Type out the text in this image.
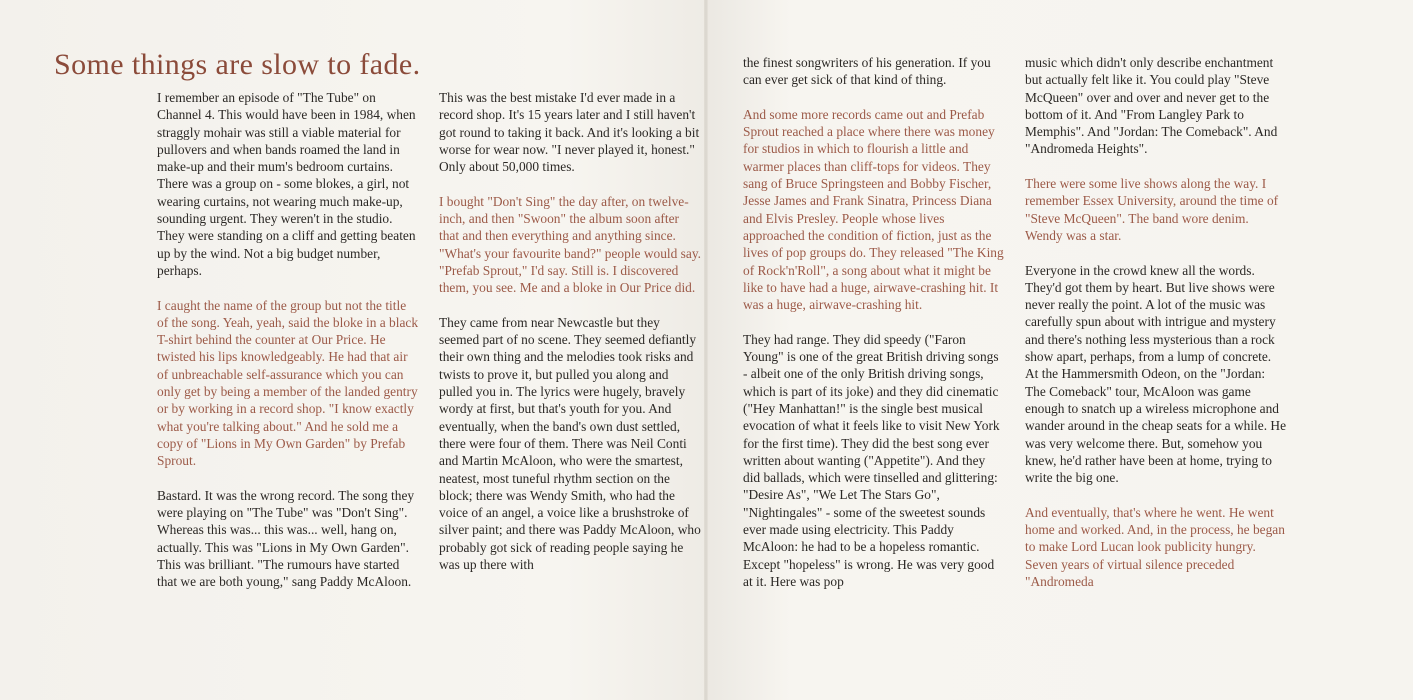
Some things are slow to fade.

I remember an episode of "The Tube" on Channel 4. This would have been in 1984, when straggly mohair was still a viable material for pullovers and when bands roamed the land in make-up and their mum's bedroom curtains. There was a group on - some blokes, a girl, not wearing curtains, not wearing much make-up, sounding urgent. They weren't in the studio. They were standing on a cliff and getting beaten up by the wind. Not a big budget number, perhaps.

I caught the name of the group but not the title of the song. Yeah, yeah, said the bloke in a black T-shirt behind the counter at Our Price. He twisted his lips knowledgeably. He had that air of unbreachable self-assurance which you can only get by being a member of the landed gentry or by working in a record shop. "I know exactly what you're talking about." And he sold me a copy of "Lions in My Own Garden" by Prefab Sprout.

Bastard. It was the wrong record. The song they were playing on "The Tube" was "Don't Sing". Whereas this was... this was... well, hang on, actually. This was "Lions in My Own Garden". This was brilliant. "The rumours have started that we are both young," sang Paddy McAloon.

This was the best mistake I'd ever made in a record shop. It's 15 years later and I still haven't got round to taking it back. And it's looking a bit worse for wear now. "I never played it, honest." Only about 50,000 times.

I bought "Don't Sing" the day after, on twelve-inch, and then "Swoon" the album soon after that and then everything and anything since. "What's your favourite band?" people would say. "Prefab Sprout," I'd say. Still is. I discovered them, you see. Me and a bloke in Our Price did.

They came from near Newcastle but they seemed part of no scene. They seemed defiantly their own thing and the melodies took risks and twists to prove it, but pulled you along and pulled you in. The lyrics were hugely, bravely wordy at first, but that's youth for you. And eventually, when the band's own dust settled, there were four of them. There was Neil Conti and Martin McAloon, who were the smartest, neatest, most tuneful rhythm section on the block; there was Wendy Smith, who had the voice of an angel, a voice like a brushstroke of silver paint; and there was Paddy McAloon, who probably got sick of reading people saying he was up there with

the finest songwriters of his generation. If you can ever get sick of that kind of thing.

And some more records came out and Prefab Sprout reached a place where there was money for studios in which to flourish a little and warmer places than cliff-tops for videos. They sang of Bruce Springsteen and Bobby Fischer, Jesse James and Frank Sinatra, Princess Diana and Elvis Presley. People whose lives approached the condition of fiction, just as the lives of pop groups do. They released "The King of Rock'n'Roll", a song about what it might be like to have had a huge, airwave-crashing hit. It was a huge, airwave-crashing hit.

They had range. They did speedy ("Faron Young" is one of the great British driving songs - albeit one of the only British driving songs, which is part of its joke) and they did cinematic ("Hey Manhattan!" is the single best musical evocation of what it feels like to visit New York for the first time). They did the best song ever written about wanting ("Appetite"). And they did ballads, which were tinselled and glittering: "Desire As", "We Let The Stars Go", "Nightingales" - some of the sweetest sounds ever made using electricity. This Paddy McAloon: he had to be a hopeless romantic. Except "hopeless" is wrong. He was very good at it. Here was pop

music which didn't only describe enchantment but actually felt like it. You could play "Steve McQueen" over and over and never get to the bottom of it. And "From Langley Park to Memphis". And "Jordan: The Comeback". And "Andromeda Heights".

There were some live shows along the way. I remember Essex University, around the time of "Steve McQueen". The band wore denim. Wendy was a star.

Everyone in the crowd knew all the words. They'd got them by heart. But live shows were never really the point. A lot of the music was carefully spun about with intrigue and mystery and there's nothing less mysterious than a rock show apart, perhaps, from a lump of concrete. At the Hammersmith Odeon, on the "Jordan: The Comeback" tour, McAloon was game enough to snatch up a wireless microphone and wander around in the cheap seats for a while. He was very welcome there. But, somehow you knew, he'd rather have been at home, trying to write the big one.

And eventually, that's where he went. He went home and worked. And, in the process, he began to make Lord Lucan look publicity hungry. Seven years of virtual silence preceded "Andromeda
